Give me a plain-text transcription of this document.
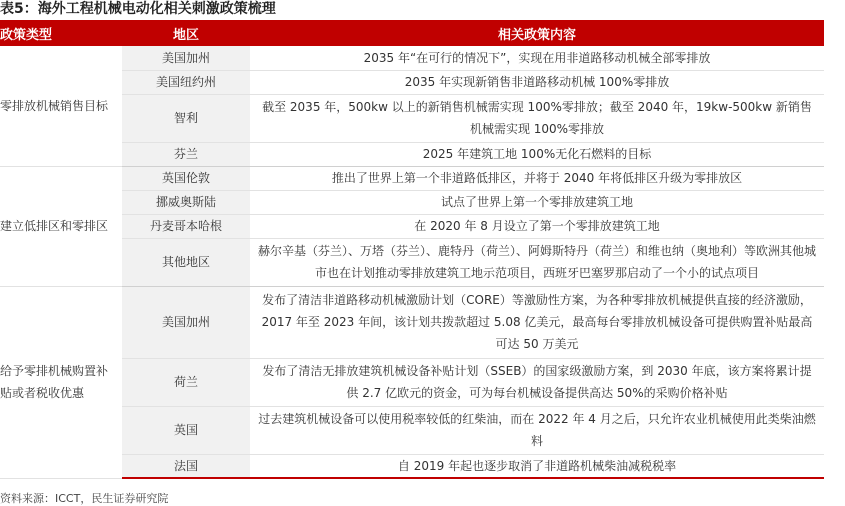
表5：海外工程机械电动化相关刺激政策梳理
政策类型	地区	相关政策内容
零排放机械销售目标	美国加州	2035 年“在可行的情况下”，实现在用非道路移动机械全部零排放
	美国纽约州	2035 年实现新销售非道路移动机械 100%零排放
	智利	截至 2035 年，500kw 以上的新销售机械需实现 100%零排放；截至 2040 年，19kw-500kw 新销售机械需实现 100%零排放
	芬兰	2025 年建筑工地 100%无化石燃料的目标
建立低排区和零排区	英国伦敦	推出了世界上第一个非道路低排区，并将于 2040 年将低排区升级为零排放区
	挪威奥斯陆	试点了世界上第一个零排放建筑工地
	丹麦哥本哈根	在 2020 年 8 月设立了第一个零排放建筑工地
	其他地区	赫尔辛基（芬兰）、万塔（芬兰）、鹿特丹（荷兰）、阿姆斯特丹（荷兰）和维也纳（奥地利）等欧洲其他城市也在计划推动零排放建筑工地示范项目，西班牙巴塞罗那启动了一个小的试点项目
给予零排机械购置补贴或者税收优惠	美国加州	发布了清洁非道路移动机械激励计划（CORE）等激励性方案，为各种零排放机械提供直接的经济激励，2017 年至 2023 年间，该计划共拨款超过 5.08 亿美元，最高每台零排放机械设备可提供购置补贴最高可达 50 万美元
	荷兰	发布了清洁无排放建筑机械设备补贴计划（SSEB）的国家级激励方案，到 2030 年底，该方案将累计提供 2.7 亿欧元的资金，可为每台机械设备提供高达 50%的采购价格补贴
	英国	过去建筑机械设备可以使用税率较低的红柴油，而在 2022 年 4 月之后，只允许农业机械使用此类柴油燃料
	法国	自 2019 年起也逐步取消了非道路机械柴油减税税率
资料来源：ICCT，民生证券研究院
